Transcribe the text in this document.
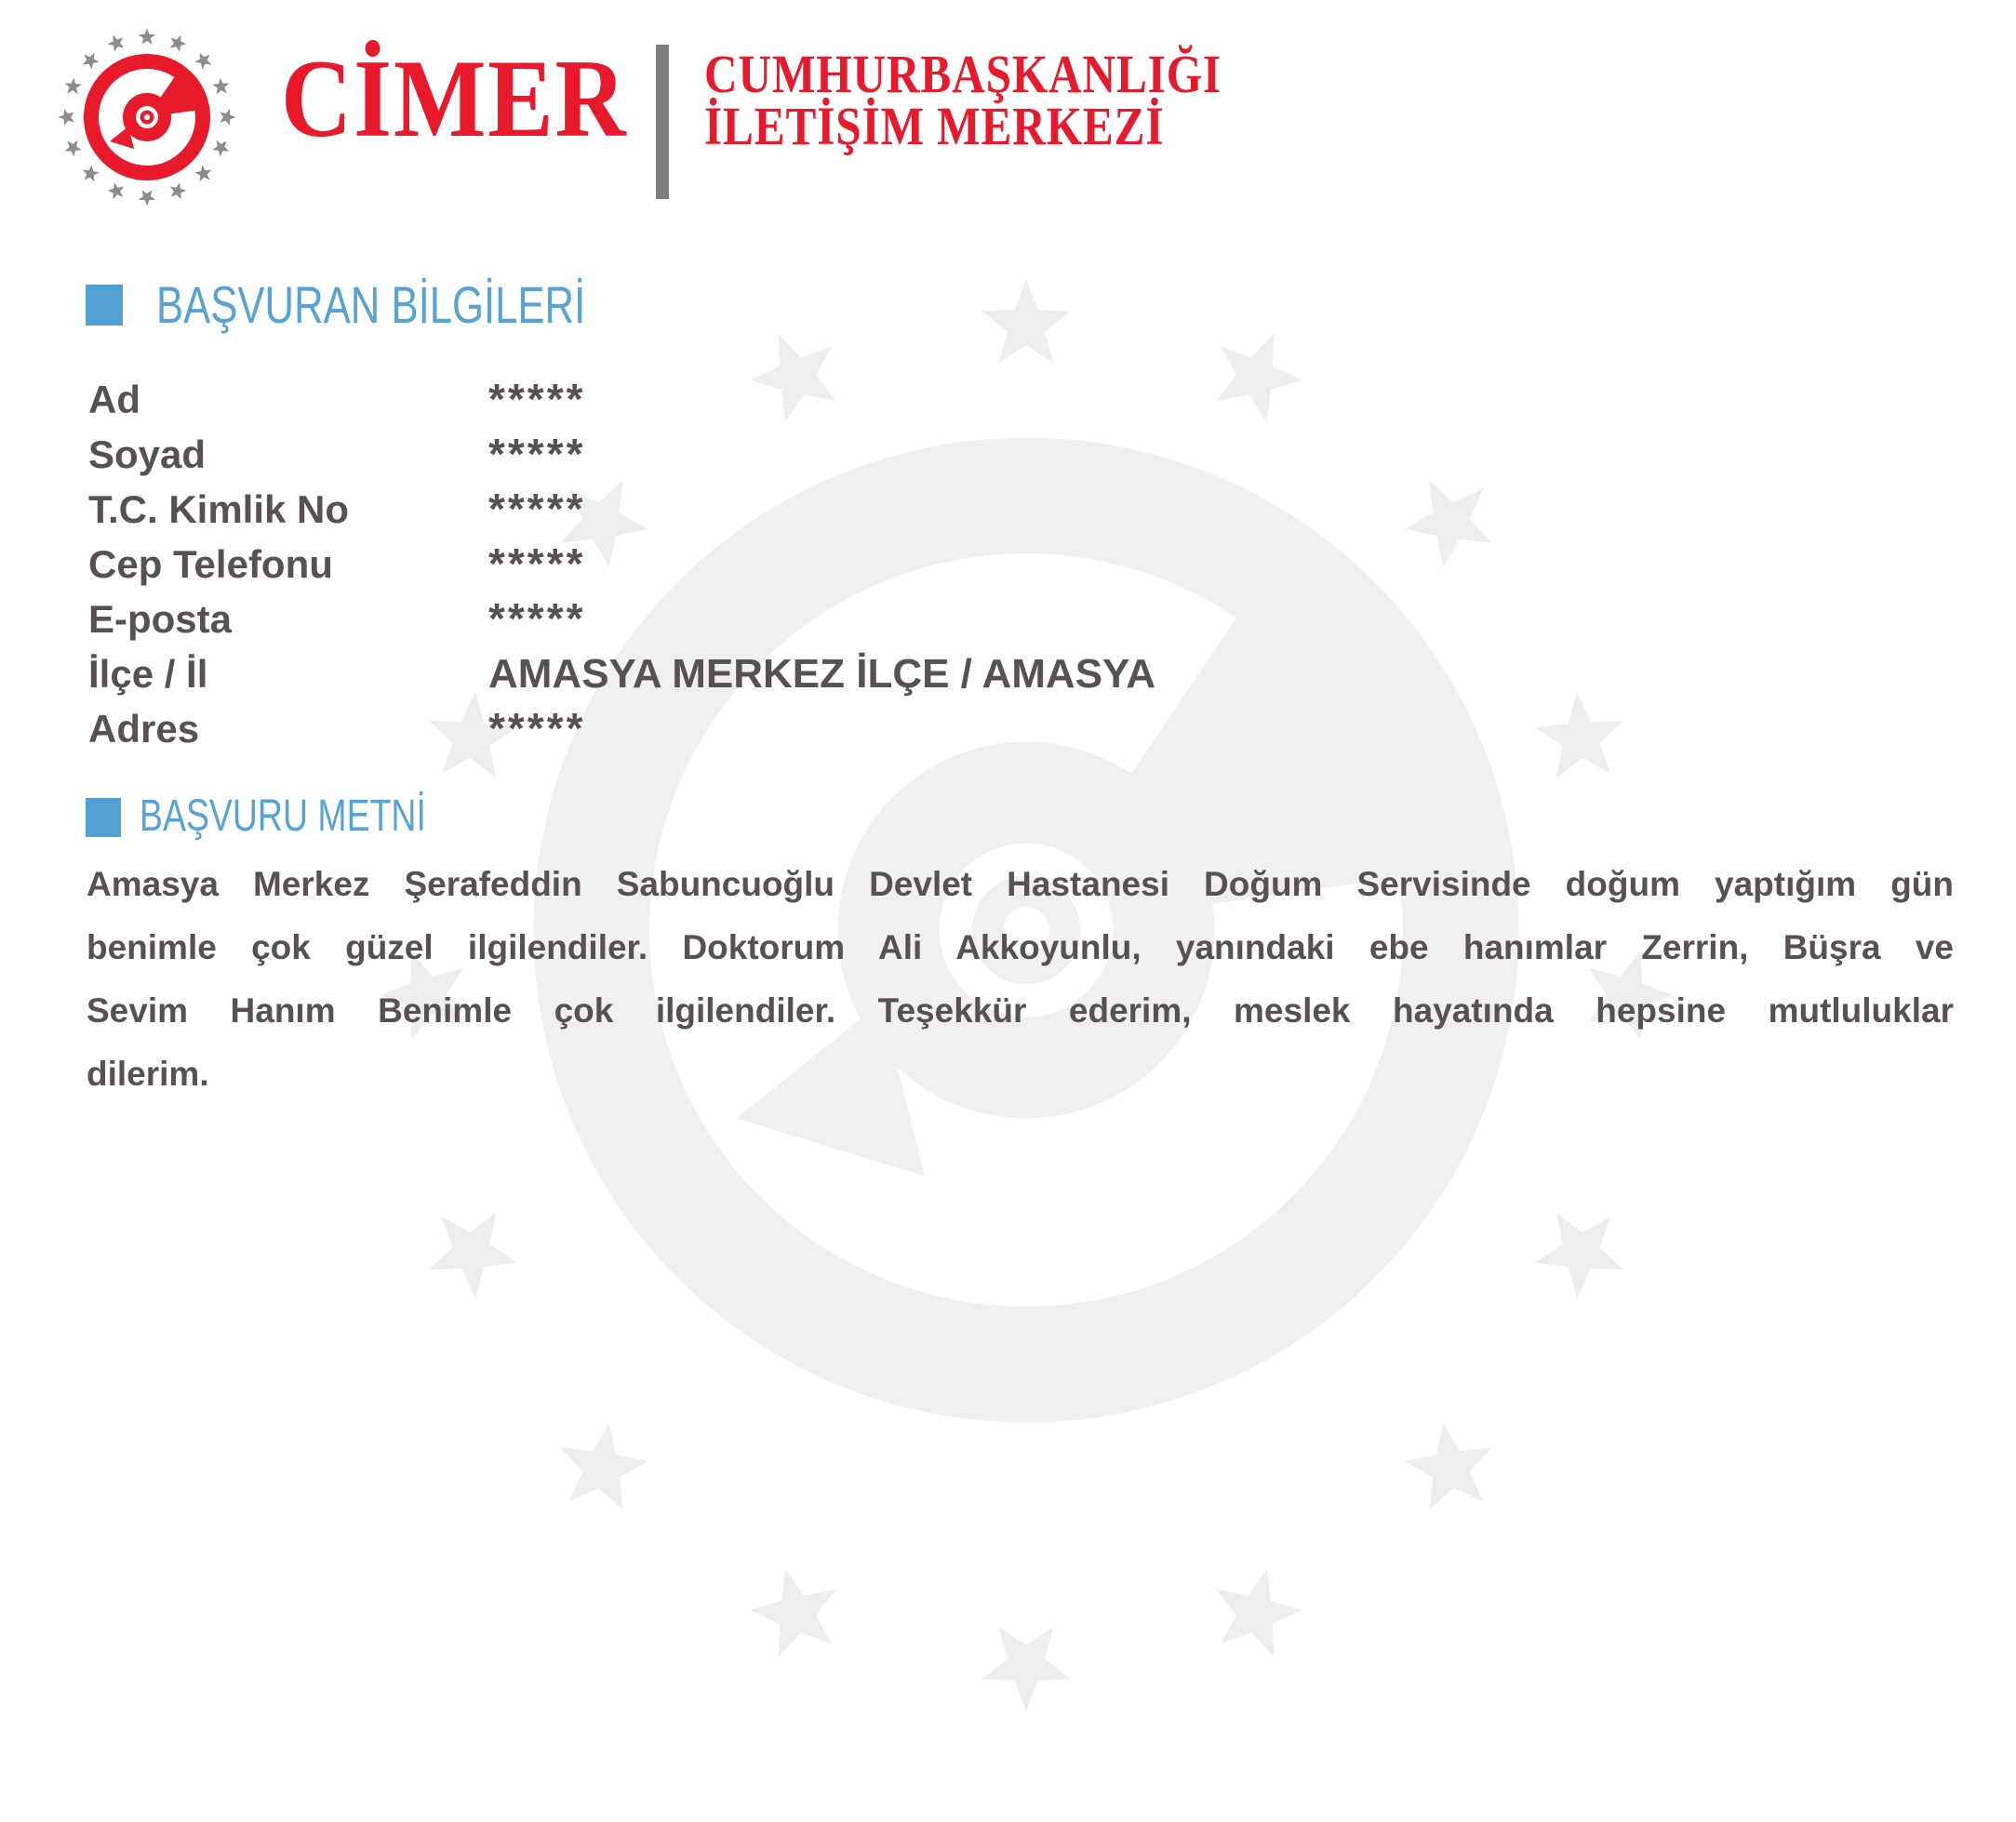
CİMER CUMHURBAŞKANLIĞI
İLETİŞİM MERKEZİ
BAŞVURAN BİLGİLERİ
Ad	*****
Soyad	*****
T.C. Kimlik No	*****
Cep Telefonu	*****
E-posta	*****
İlçe / İl	AMASYA MERKEZ İLÇE / AMASYA
Adres	*****
BAŞVURU METNİ
Amasya Merkez Şerafeddin Sabuncuoğlu Devlet Hastanesi Doğum Servisinde doğum yaptığım gün
benimle çok güzel ilgilendiler. Doktorum Ali Akkoyunlu, yanındaki ebe hanımlar Zerrin, Büşra ve
Sevim Hanım Benimle çok ilgilendiler. Teşekkür ederim, meslek hayatında hepsine mutluluklar
dilerim.
